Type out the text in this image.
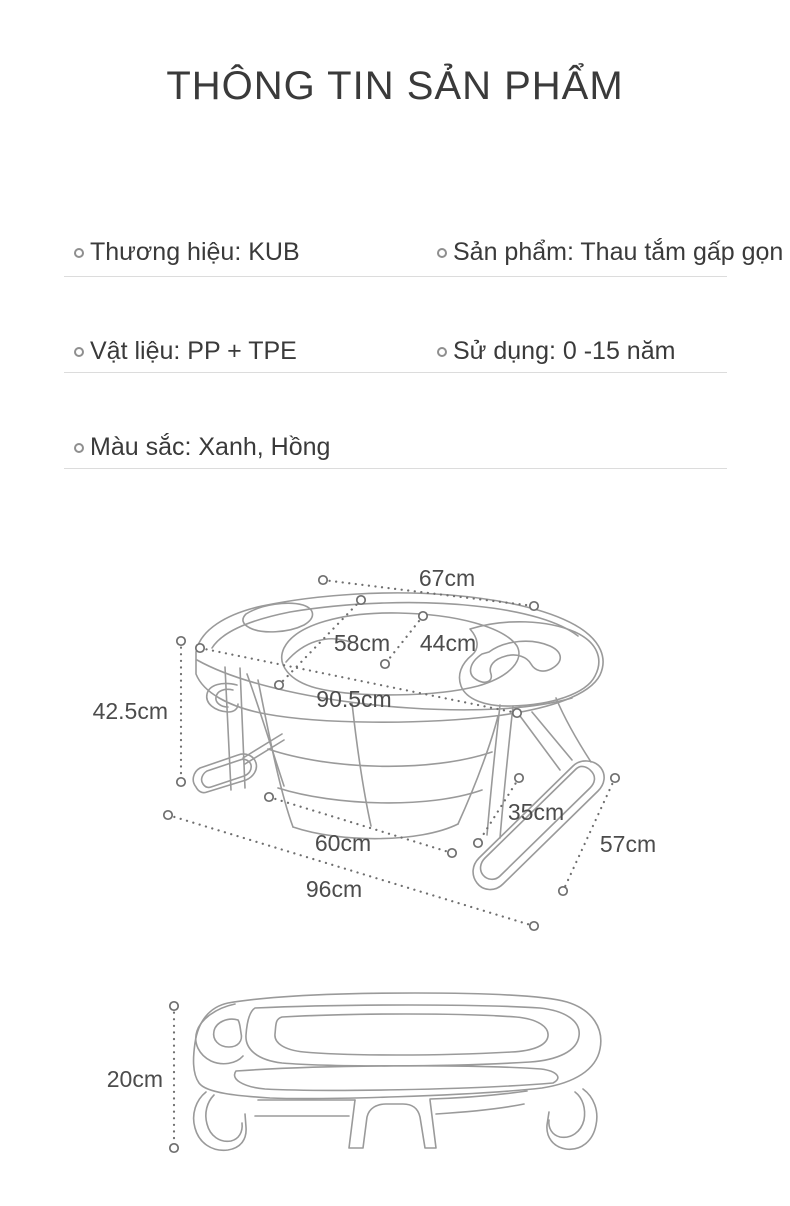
THÔNG TIN SẢN PHẨM
Thương hiệu: KUB	Sản phẩm: Thau tắm gấp gọn
Vật liệu: PP + TPE	Sử dụng: 0 -15 năm
Màu sắc: Xanh, Hồng
67cm
58cm 44cm
90.5cm
42.5cm
35cm
60cm	57cm
96cm
20cm
